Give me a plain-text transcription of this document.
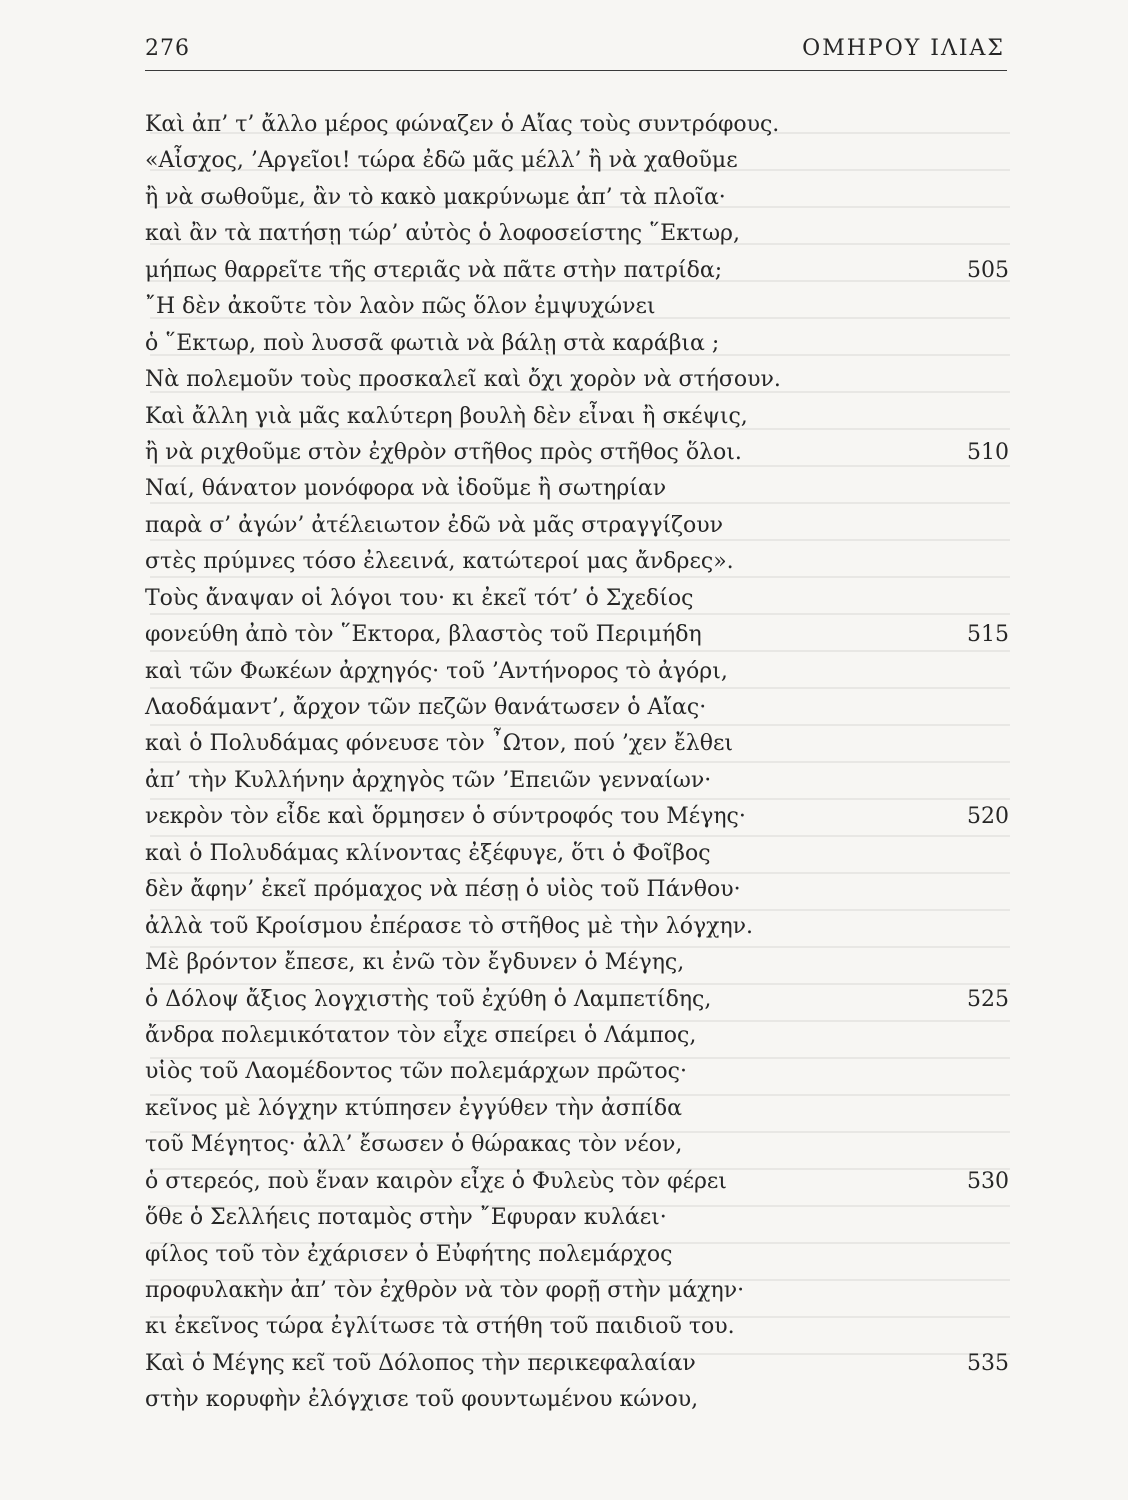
276	ΟΜΗΡΟΥ ΙΛΙΑΣ
Καὶ ἀπ’ τ’ ἄλλο μέρος φώναζεν ὁ Αἴας τοὺς συντρόφους.
«Αἶσχος, ’Αργεῖοι! τώρα ἐδῶ μᾶς μέλλ’ ἢ νὰ χαθοῦμε
ἢ νὰ σωθοῦμε, ἂν τὸ κακὸ μακρύνωμε ἀπ’ τὰ πλοῖα·
καὶ ἂν τὰ πατήσῃ τώρ’ αὐτὸς ὁ λοφοσείστης ῞Εκτωρ,
μήπως θαρρεῖτε τῆς στεριᾶς νὰ πᾶτε στὴν πατρίδα;	505
῎Η δὲν ἀκοῦτε τὸν λαὸν πῶς ὅλον ἐμψυχώνει
ὁ ῞Εκτωρ, ποὺ λυσσᾶ φωτιὰ νὰ βάλῃ στὰ καράβια ;
Νὰ πολεμοῦν τοὺς προσκαλεῖ καὶ ὄχι χορὸν νὰ στήσουν.
Καὶ ἄλλη γιὰ μᾶς καλύτερη βουλὴ δὲν εἶναι ἢ σκέψις,
ἢ νὰ ριχθοῦμε στὸν ἐχθρὸν στῆθος πρὸς στῆθος ὅλοι.	510
Ναί, θάνατον μονόφορα νὰ ἰδοῦμε ἢ σωτηρίαν
παρὰ σ’ ἀγών’ ἀτέλειωτον ἐδῶ νὰ μᾶς στραγγίζουν
στὲς πρύμνες τόσο ἐλεεινά, κατώτεροί μας ἄνδρες».
Τοὺς ἄναψαν οἱ λόγοι του· κι ἐκεῖ τότ’ ὁ Σχεδίος
φονεύθη ἀπὸ τὸν ῞Εκτορα, βλαστὸς τοῦ Περιμήδη	515
καὶ τῶν Φωκέων ἀρχηγός· τοῦ ’Αντήνορος τὸ ἀγόρι,
Λαοδάμαντ’, ἄρχον τῶν πεζῶν θανάτωσεν ὁ Αἴας·
καὶ ὁ Πολυδάμας φόνευσε τὸν ῏Ωτον, πού ’χεν ἔλθει
ἀπ’ τὴν Κυλλήνην ἀρχηγὸς τῶν ’Επειῶν γενναίων·
νεκρὸν τὸν εἶδε καὶ ὅρμησεν ὁ σύντροφός του Μέγης·	520
καὶ ὁ Πολυδάμας κλίνοντας ἐξέφυγε, ὅτι ὁ Φοῖβος
δὲν ἄφην’ ἐκεῖ πρόμαχος νὰ πέσῃ ὁ υἱὸς τοῦ Πάνθου·
ἀλλὰ τοῦ Κροίσμου ἐπέρασε τὸ στῆθος μὲ τὴν λόγχην.
Μὲ βρόντον ἔπεσε, κι ἐνῶ τὸν ἔγδυνεν ὁ Μέγης,
ὁ Δόλοψ ἄξιος λογχιστὴς τοῦ ἐχύθη ὁ Λαμπετίδης,	525
ἄνδρα πολεμικότατον τὸν εἶχε σπείρει ὁ Λάμπος,
υἱὸς τοῦ Λαομέδοντος τῶν πολεμάρχων πρῶτος·
κεῖνος μὲ λόγχην κτύπησεν ἐγγύθεν τὴν ἀσπίδα
τοῦ Μέγητος· ἀλλ’ ἔσωσεν ὁ θώρακας τὸν νέον,
ὁ στερεός, ποὺ ἕναν καιρὸν εἶχε ὁ Φυλεὺς τὸν φέρει	530
ὅθε ὁ Σελλήεις ποταμὸς στὴν ῎Εφυραν κυλάει·
φίλος τοῦ τὸν ἐχάρισεν ὁ Εὐφήτης πολεμάρχος
προφυλακὴν ἀπ’ τὸν ἐχθρὸν νὰ τὸν φορῇ στὴν μάχην·
κι ἐκεῖνος τώρα ἐγλίτωσε τὰ στήθη τοῦ παιδιοῦ του.
Καὶ ὁ Μέγης κεῖ τοῦ Δόλοπος τὴν περικεφαλαίαν	535
στὴν κορυφὴν ἐλόγχισε τοῦ φουντωμένου κώνου,
